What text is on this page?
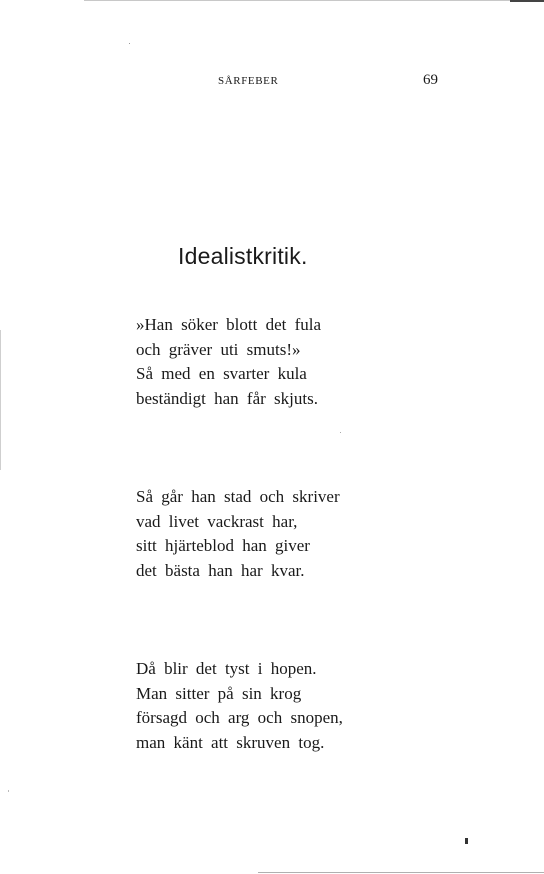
SÅRFEBER	69
Idealistkritik.
»Han söker blott det fula
och gräver uti smuts!»
Så med en svarter kula
beständigt han får skjuts.
Så går han stad och skriver
vad livet vackrast har,
sitt hjärteblod han giver
det bästa han har kvar.
Då blir det tyst i hopen.
Man sitter på sin krog
försagd och arg och snopen,
man känt att skruven tog.
